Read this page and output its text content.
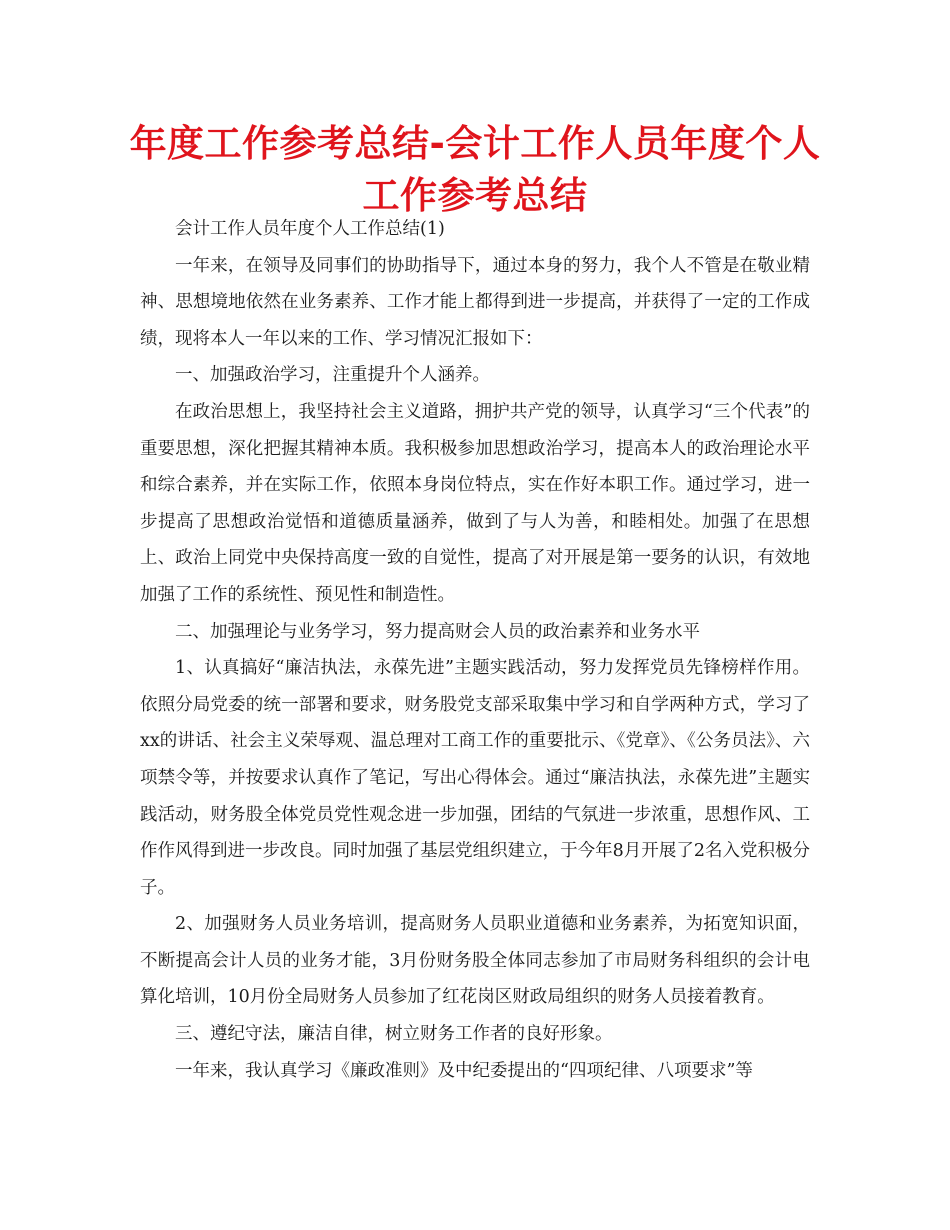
年度工作参考总结-会计工作人员年度个人工作参考总结

会计工作人员年度个人工作总结(1)

一年来，在领导及同事们的协助指导下，通过本身的努力，我个人不管是在敬业精神、思想境地依然在业务素养、工作才能上都得到进一步提高，并获得了一定的工作成绩，现将本人一年以来的工作、学习情况汇报如下：

一、加强政治学习，注重提升个人涵养。

在政治思想上，我坚持社会主义道路，拥护共产党的领导，认真学习“三个代表”的重要思想，深化把握其精神本质。我积极参加思想政治学习，提高本人的政治理论水平和综合素养，并在实际工作，依照本身岗位特点，实在作好本职工作。通过学习，进一步提高了思想政治觉悟和道德质量涵养，做到了与人为善，和睦相处。加强了在思想上、政治上同党中央保持高度一致的自觉性，提高了对开展是第一要务的认识，有效地加强了工作的系统性、预见性和制造性。

二、加强理论与业务学习，努力提高财会人员的政治素养和业务水平

1、认真搞好“廉洁执法，永葆先进”主题实践活动，努力发挥党员先锋榜样作用。依照分局党委的统一部署和要求，财务股党支部采取集中学习和自学两种方式，学习了xx的讲话、社会主义荣辱观、温总理对工商工作的重要批示、《党章》、《公务员法》、六项禁令等，并按要求认真作了笔记，写出心得体会。通过“廉洁执法，永葆先进”主题实践活动，财务股全体党员党性观念进一步加强，团结的气氛进一步浓重，思想作风、工作作风得到进一步改良。同时加强了基层党组织建立，于今年8月开展了2名入党积极分子。

2、加强财务人员业务培训，提高财务人员职业道德和业务素养，为拓宽知识面，不断提高会计人员的业务才能，3月份财务股全体同志参加了市局财务科组织的会计电算化培训，10月份全局财务人员参加了红花岗区财政局组织的财务人员接着教育。

三、遵纪守法，廉洁自律，树立财务工作者的良好形象。

一年来，我认真学习《廉政准则》及中纪委提出的“四项纪律、八项要求”等
